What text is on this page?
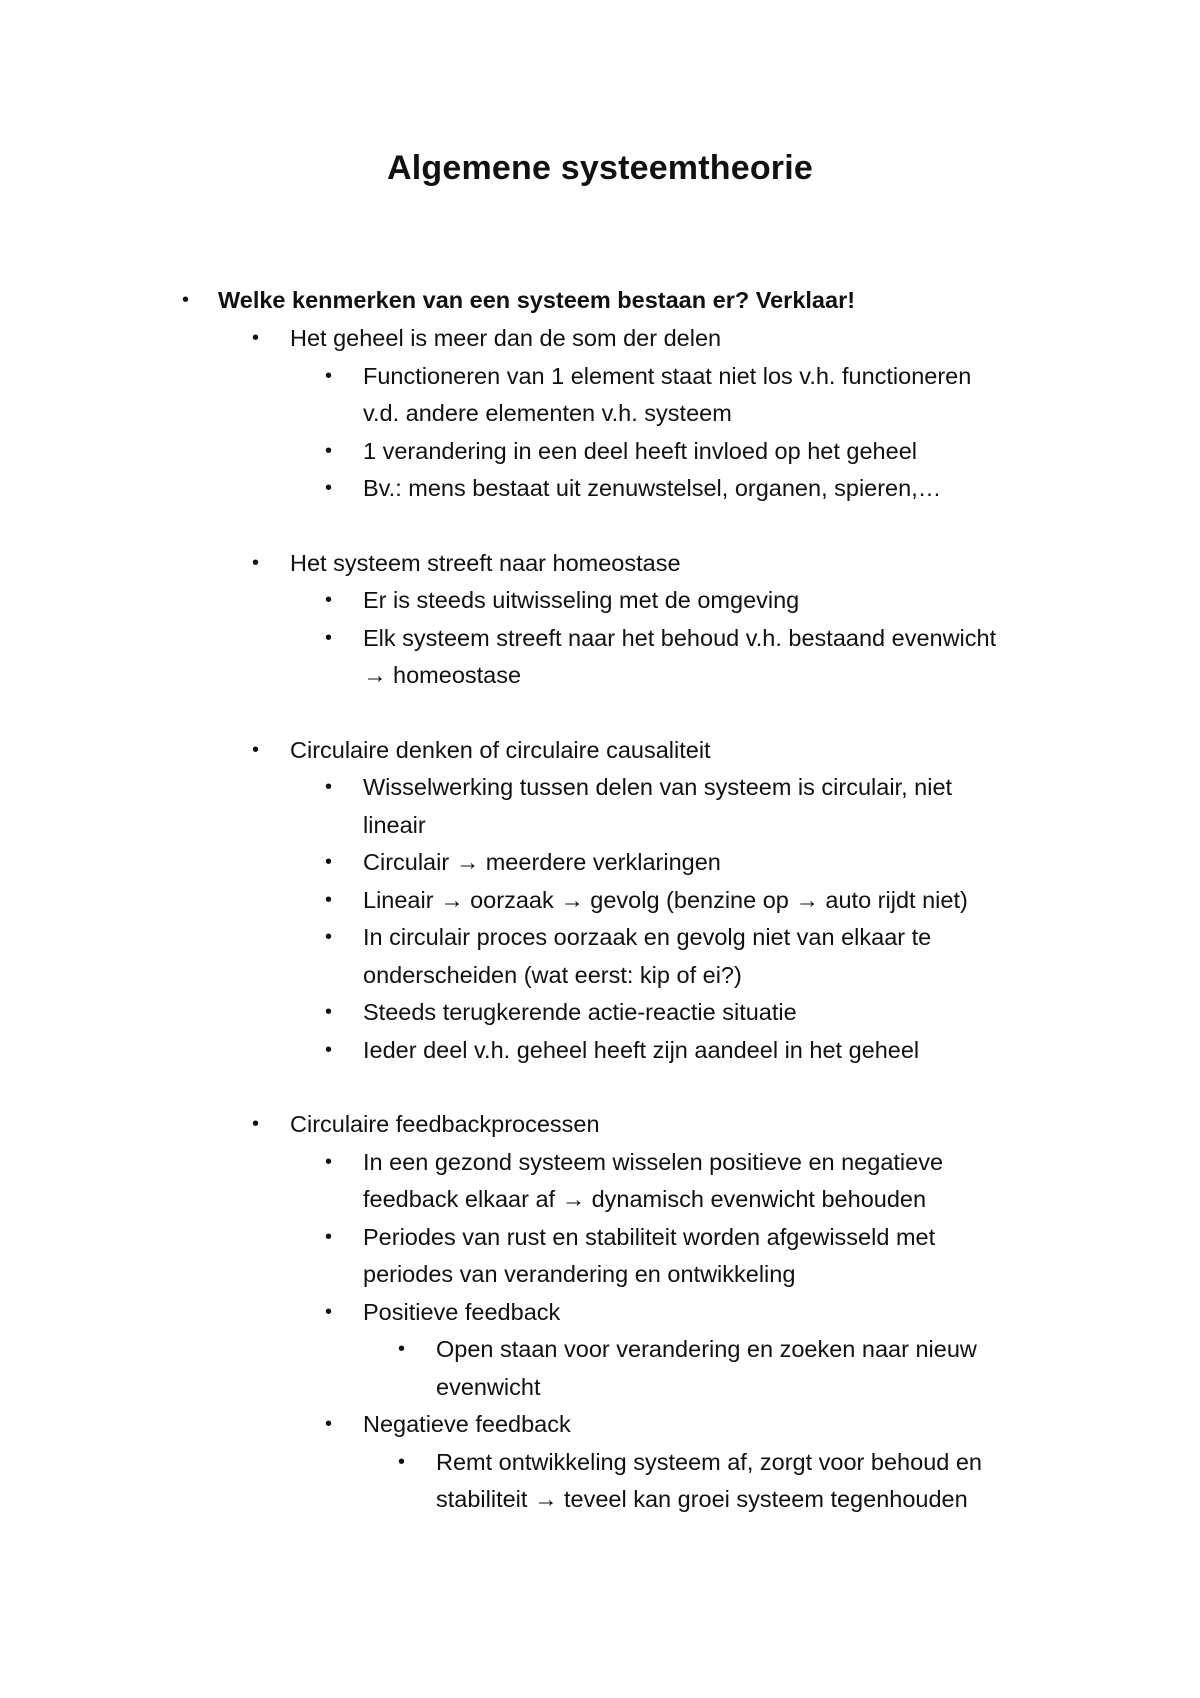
Algemene systeemtheorie
• Welke kenmerken van een systeem bestaan er? Verklaar!
• Het geheel is meer dan de som der delen
• Functioneren van 1 element staat niet los v.h. functioneren
v.d. andere elementen v.h. systeem
• 1 verandering in een deel heeft invloed op het geheel
• Bv.: mens bestaat uit zenuwstelsel, organen, spieren,…
• Het systeem streeft naar homeostase
• Er is steeds uitwisseling met de omgeving
• Elk systeem streeft naar het behoud v.h. bestaand evenwicht
→ homeostase
• Circulaire denken of circulaire causaliteit
• Wisselwerking tussen delen van systeem is circulair, niet
lineair
• Circulair → meerdere verklaringen
• Lineair → oorzaak → gevolg (benzine op → auto rijdt niet)
• In circulair proces oorzaak en gevolg niet van elkaar te
onderscheiden (wat eerst: kip of ei?)
• Steeds terugkerende actie-reactie situatie
• Ieder deel v.h. geheel heeft zijn aandeel in het geheel
• Circulaire feedbackprocessen
• In een gezond systeem wisselen positieve en negatieve
feedback elkaar af → dynamisch evenwicht behouden
• Periodes van rust en stabiliteit worden afgewisseld met
periodes van verandering en ontwikkeling
• Positieve feedback
• Open staan voor verandering en zoeken naar nieuw
evenwicht
• Negatieve feedback
• Remt ontwikkeling systeem af, zorgt voor behoud en
stabiliteit → teveel kan groei systeem tegenhouden
